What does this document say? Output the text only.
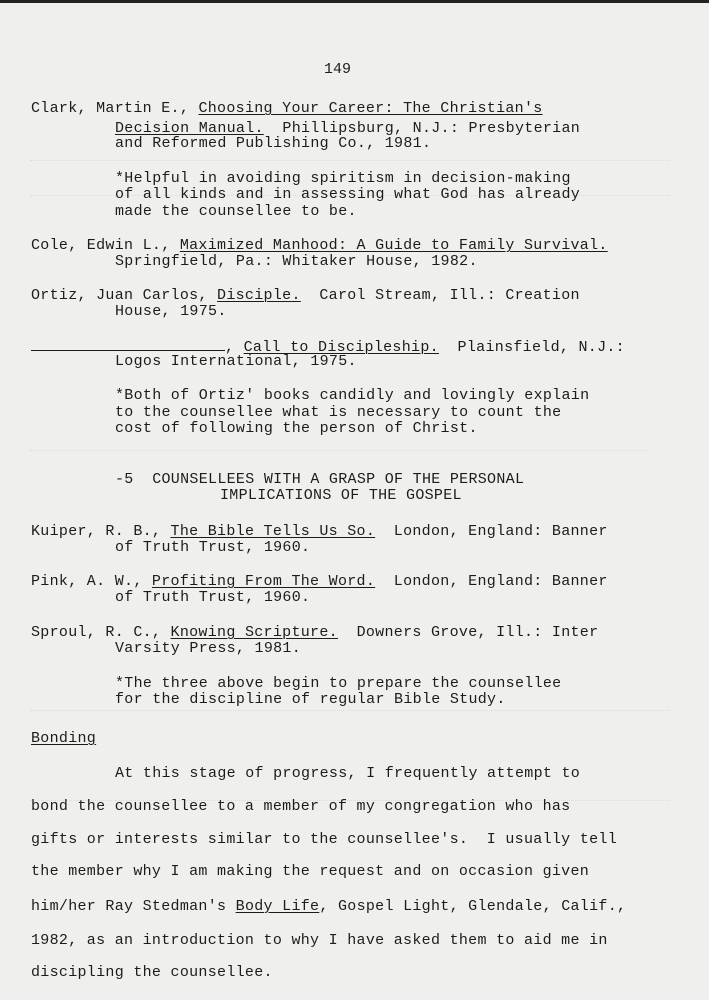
149
Clark, Martin E., Choosing Your Career: The Christian's
Decision Manual.  Phillipsburg, N.J.: Presbyterian
and Reformed Publishing Co., 1981.
*Helpful in avoiding spiritism in decision-making
of all kinds and in assessing what God has already
made the counsellee to be.
Cole, Edwin L., Maximized Manhood: A Guide to Family Survival.
Springfield, Pa.: Whitaker House, 1982.
Ortiz, Juan Carlos, Disciple.  Carol Stream, Ill.: Creation
House, 1975.
, Call to Discipleship.  Plainsfield, N.J.:
Logos International, 1975.
*Both of Ortiz' books candidly and lovingly explain
to the counsellee what is necessary to count the
cost of following the person of Christ.
-5  COUNSELLEES WITH A GRASP OF THE PERSONAL
IMPLICATIONS OF THE GOSPEL
Kuiper, R. B., The Bible Tells Us So.  London, England: Banner
of Truth Trust, 1960.
Pink, A. W., Profiting From The Word.  London, England: Banner
of Truth Trust, 1960.
Sproul, R. C., Knowing Scripture.  Downers Grove, Ill.: Inter
Varsity Press, 1981.
*The three above begin to prepare the counsellee
for the discipline of regular Bible Study.
Bonding
At this stage of progress, I frequently attempt to
bond the counsellee to a member of my congregation who has
gifts or interests similar to the counsellee's.  I usually tell
the member why I am making the request and on occasion given
him/her Ray Stedman's Body Life, Gospel Light, Glendale, Calif.,
1982, as an introduction to why I have asked them to aid me in
discipling the counsellee.
